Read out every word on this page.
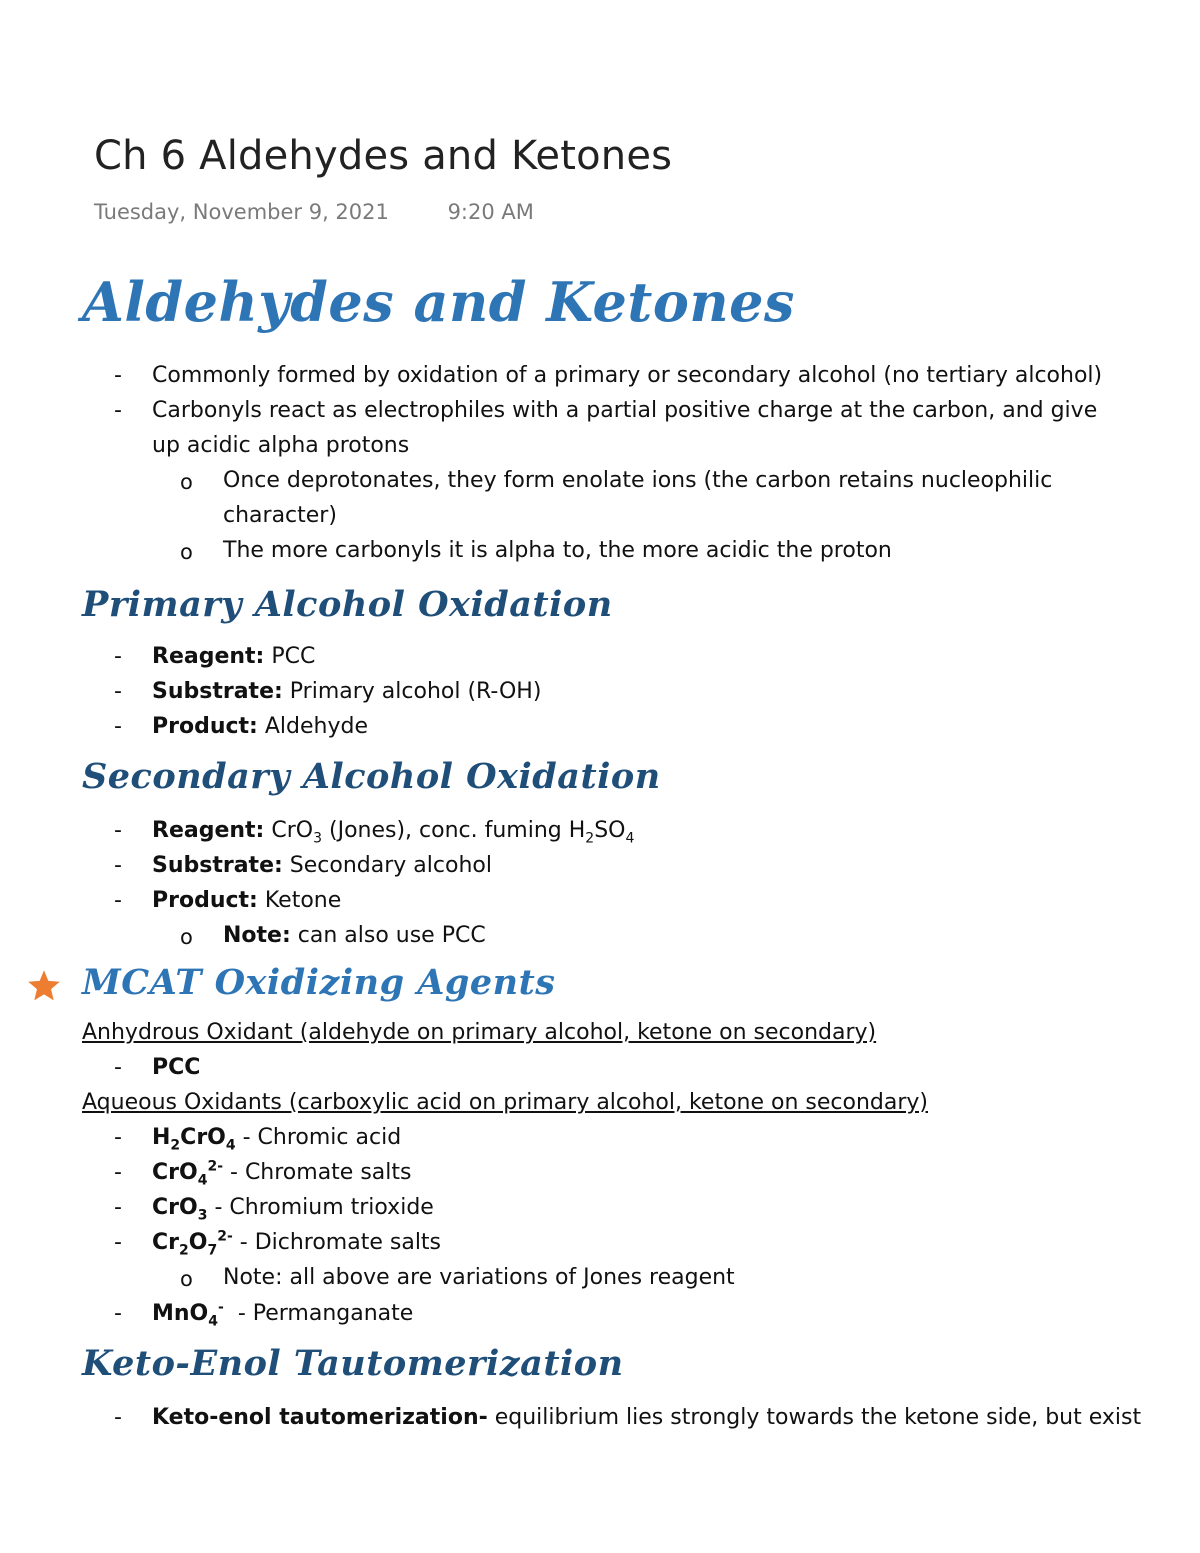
Ch 6 Aldehydes and Ketones
Tuesday, November 9, 2021	9:20 AM
Aldehydes and Ketones
- Commonly formed by oxidation of a primary or secondary alcohol (no tertiary alcohol)
- Carbonyls react as electrophiles with a partial positive charge at the carbon, and give
up acidic alpha protons
o Once deprotonates, they form enolate ions (the carbon retains nucleophilic
character)
o The more carbonyls it is alpha to, the more acidic the proton
Primary Alcohol Oxidation
- Reagent: PCC
- Substrate: Primary alcohol (R-OH)
- Product: Aldehyde
Secondary Alcohol Oxidation
- Reagent: CrO$_3$ (Jones), conc. fuming $H_2SO_4$
- Substrate: Secondary alcohol
- Product: Ketone
o Note: can also use PCC
MCAT Oxidizing Agents
Anhydrous Oxidant (aldehyde on primary alcohol, ketone on secondary)
- PCC
Aqueous Oxidants (carboxylic acid on primary alcohol, ketone on secondary)
- $H_2CrO_4$ - Chromic acid
- CrO$_4^{2-}$ - Chromate salts
- CrO$_3$ - Chromium trioxide
- $Cr_2O_7^{2-}$ - Dichromate salts
o Note: all above are variations of Jones reagent
- MnO$_4$-  - Permanganate
Keto-Enol Tautomerization
- Keto-enol tautomerization- equilibrium lies strongly towards the ketone side, but exist
